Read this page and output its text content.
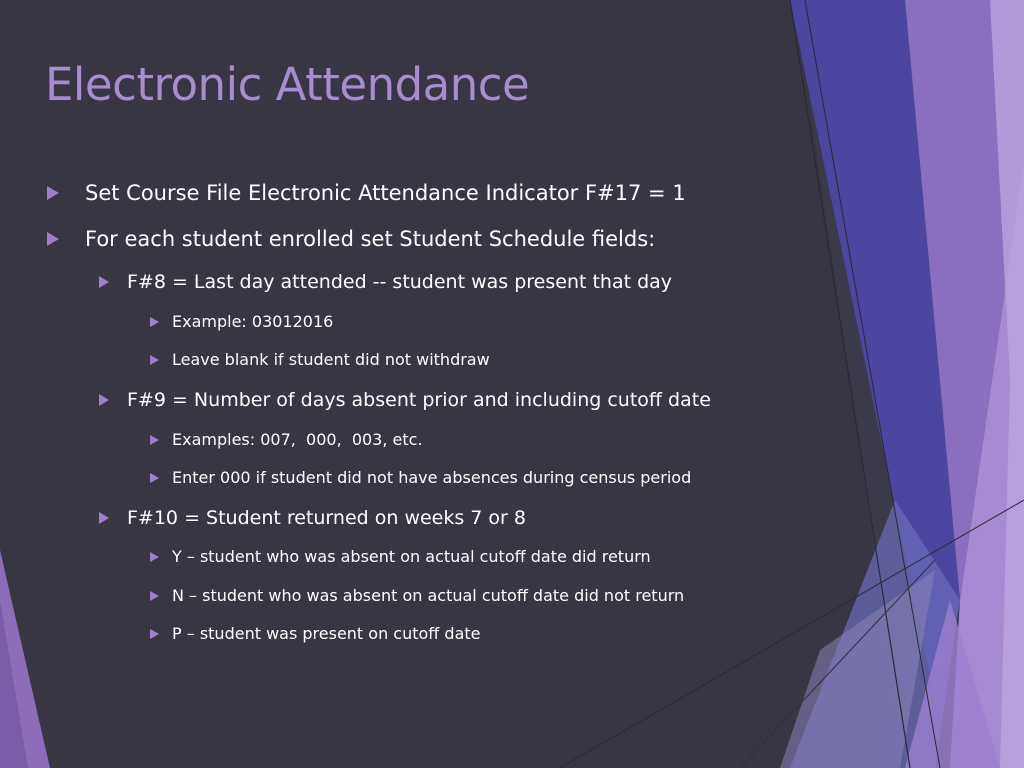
Electronic Attendance
Set Course File Electronic Attendance Indicator F#17 = 1
For each student enrolled set Student Schedule fields:
F#8 = Last day attended -- student was present that day
Example: 03012016
Leave blank if student did not withdraw
F#9 = Number of days absent prior and including cutoff date
Examples: 007,  000,  003, etc.
Enter 000 if student did not have absences during census period
F#10 = Student returned on weeks 7 or 8
Y – student who was absent on actual cutoff date did return
N – student who was absent on actual cutoff date did not return
P – student was present on cutoff date
